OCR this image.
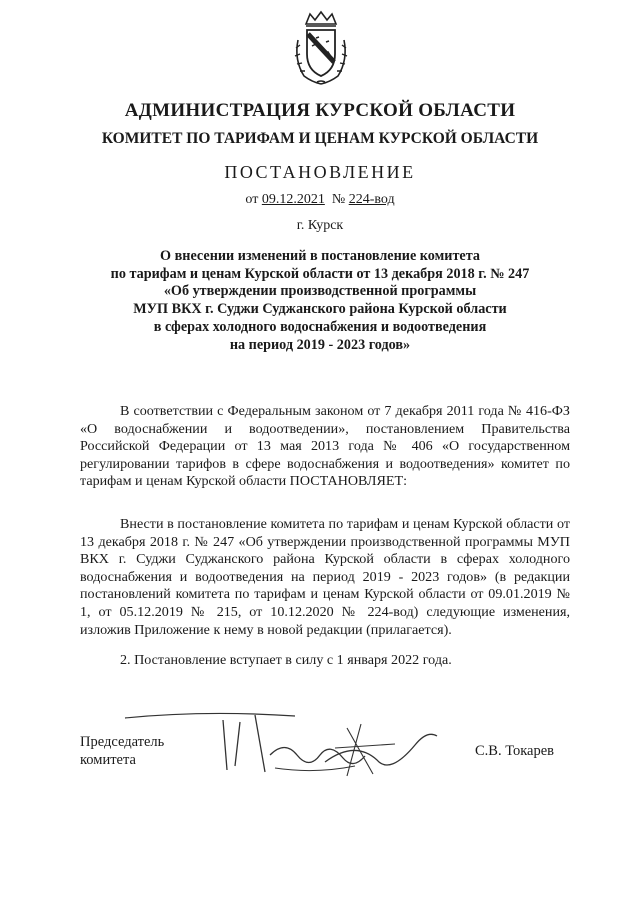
АДМИНИСТРАЦИЯ КУРСКОЙ ОБЛАСТИ
КОМИТЕТ ПО ТАРИФАМ И ЦЕНАМ КУРСКОЙ ОБЛАСТИ
ПОСТАНОВЛЕНИЕ
от 09.12.2021 № 224-вод
г. Курск
О внесении изменений в постановление комитета
по тарифам и ценам Курской области от 13 декабря 2018 г. № 247
«Об утверждении производственной программы
МУП ВКХ г. Суджи Суджанского района Курской области
в сферах холодного водоснабжения и водоотведения
на период 2019 - 2023 годов»
В соответствии с Федеральным законом от 7 декабря 2011 года № 416-ФЗ «О водоснабжении и водоотведении», постановлением Правительства Российской Федерации от 13 мая 2013 года № 406 «О государственном регулировании тарифов в сфере водоснабжения и водоотведения» комитет по тарифам и ценам Курской области ПОСТАНОВЛЯЕТ:
Внести в постановление комитета по тарифам и ценам Курской области от 13 декабря 2018 г. № 247 «Об утверждении производственной программы МУП ВКХ г. Суджи Суджанского района Курской области в сферах холодного водоснабжения и водоотведения на период 2019 - 2023 годов» (в редакции постановлений комитета по тарифам и ценам Курской области от 09.01.2019 № 1, от 05.12.2019 № 215, от 10.12.2020 № 224-вод) следующие изменения, изложив Приложение к нему в новой редакции (прилагается).
2. Постановление вступает в силу с 1 января 2022 года.
Председатель
комитета
С.В. Токарев
